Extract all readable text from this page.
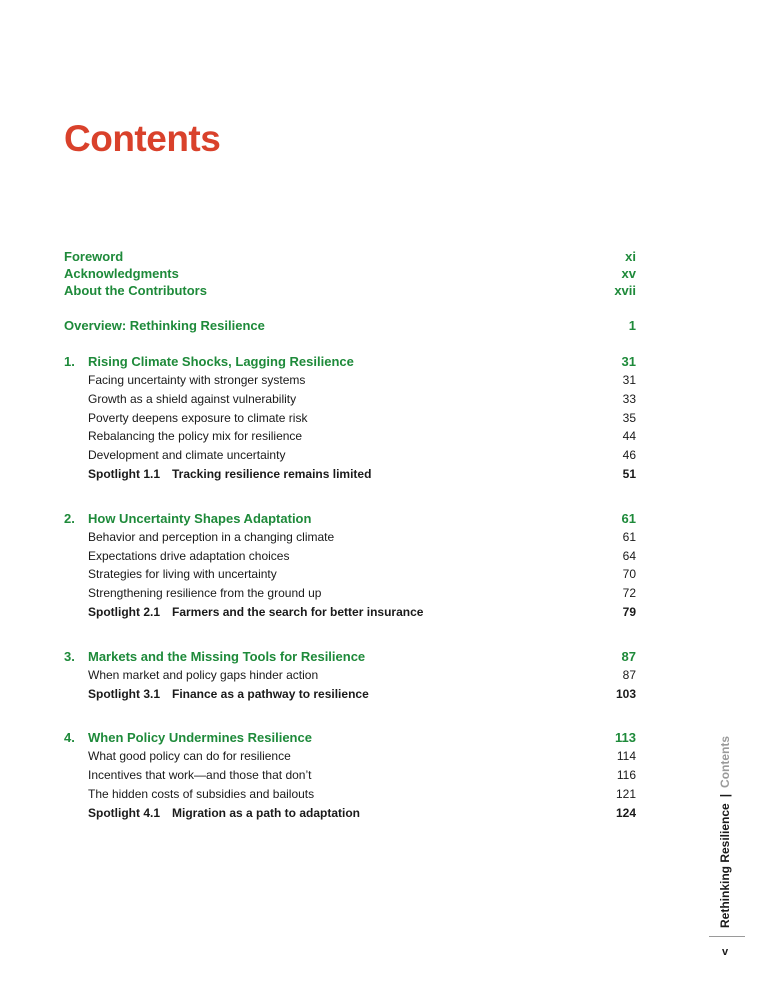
Contents
Foreword	xi
Acknowledgments	xv
About the Contributors	xvii
Overview: Rethinking Resilience	1
1. Rising Climate Shocks, Lagging Resilience	31
Facing uncertainty with stronger systems	31
Growth as a shield against vulnerability	33
Poverty deepens exposure to climate risk	35
Rebalancing the policy mix for resilience	44
Development and climate uncertainty	46
Spotlight 1.1 Tracking resilience remains limited	51
2. How Uncertainty Shapes Adaptation	61
Behavior and perception in a changing climate	61
Expectations drive adaptation choices	64
Strategies for living with uncertainty	70
Strengthening resilience from the ground up	72
Spotlight 2.1 Farmers and the search for better insurance	79
3. Markets and the Missing Tools for Resilience	87
When market and policy gaps hinder action	87
Spotlight 3.1 Finance as a pathway to resilience	103
4. When Policy Undermines Resilience	113
What good policy can do for resilience	114
Incentives that work—and those that don’t	116
The hidden costs of subsidies and bailouts	121
Spotlight 4.1 Migration as a path to adaptation	124	Rethinking Resilience|Contents
v
